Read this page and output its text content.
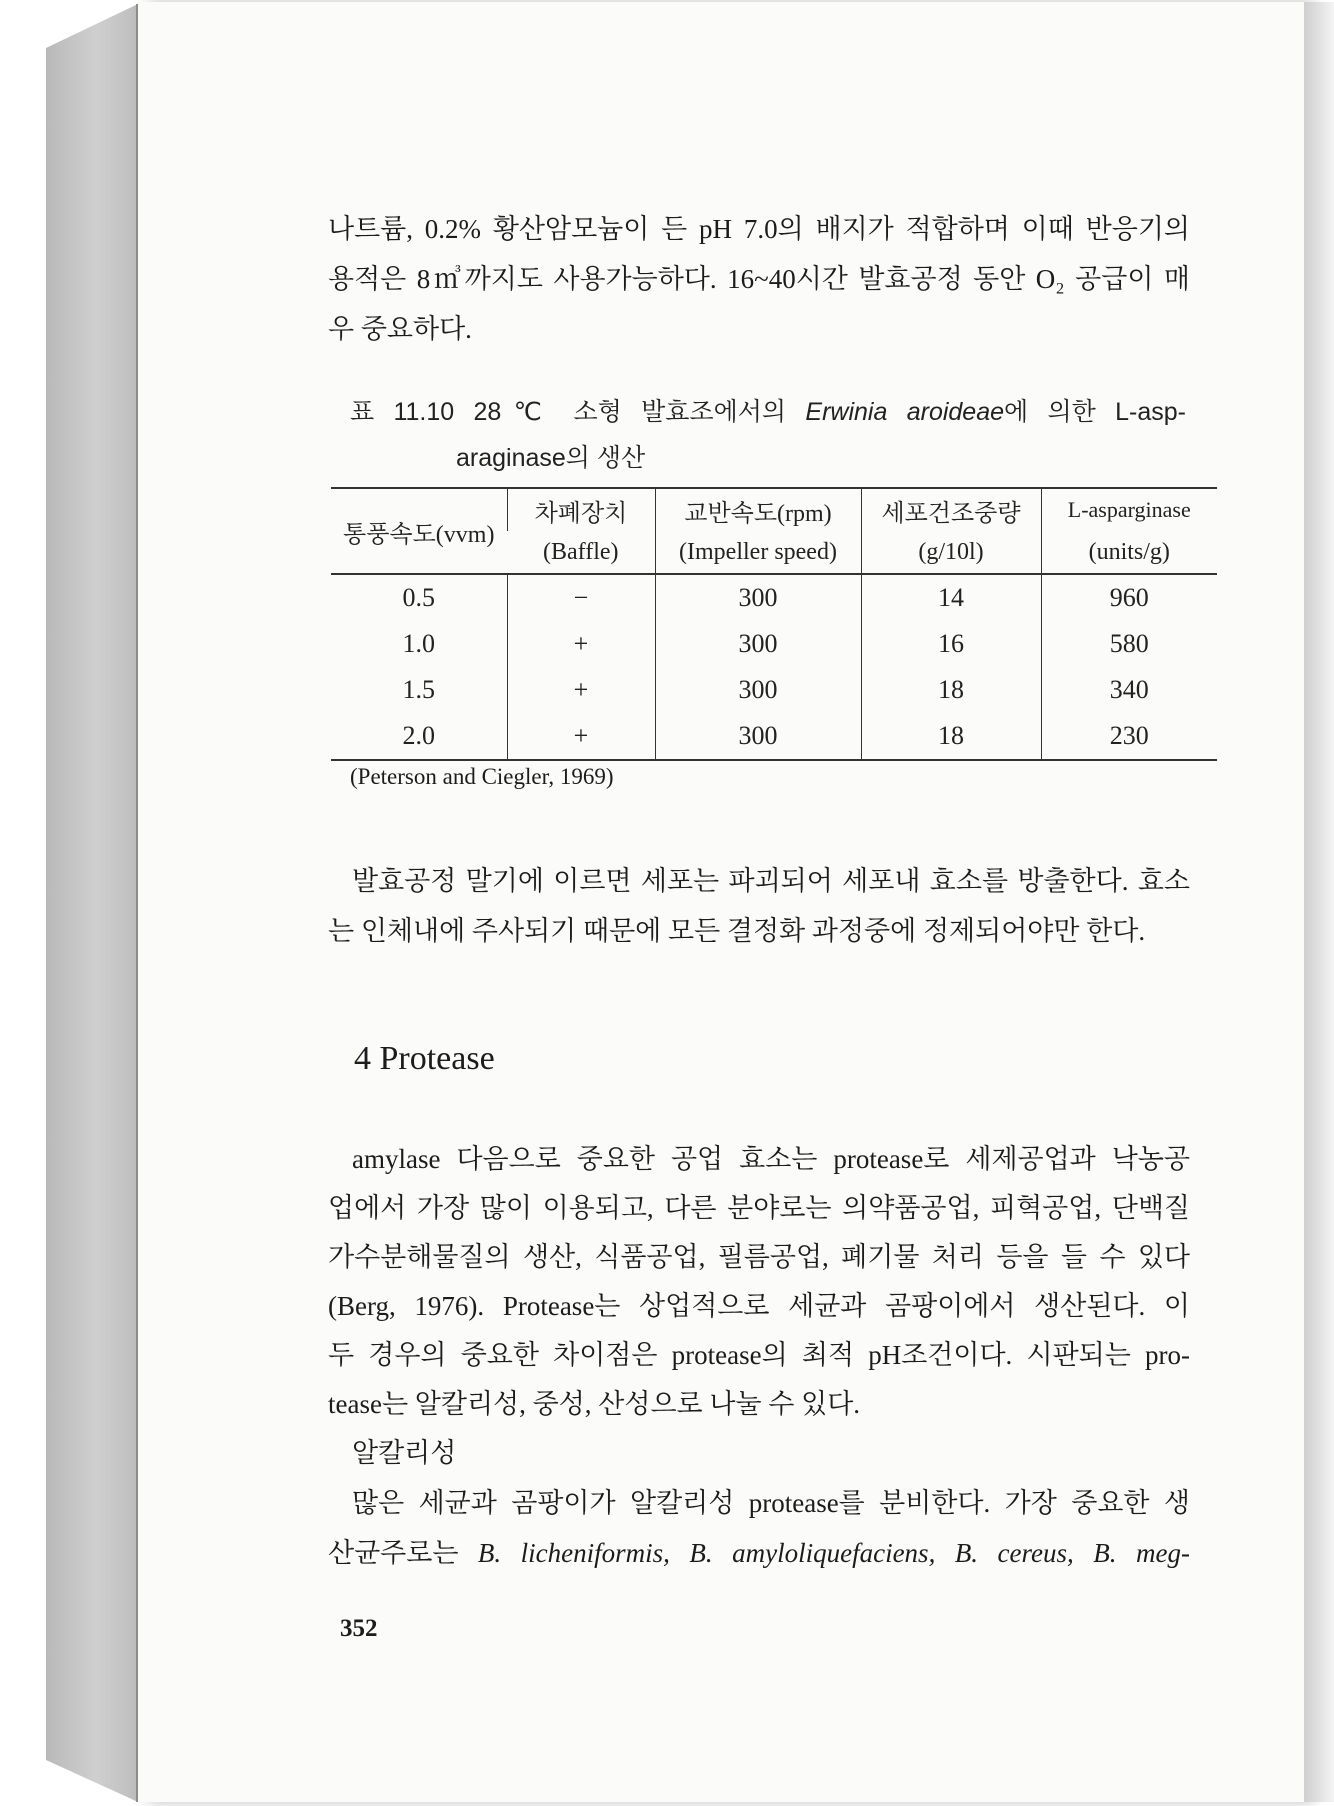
나트륨, 0.2% 황산암모늄이 든 pH 7.0의 배지가 적합하며 이때 반응기의
용적은 8㎥까지도 사용가능하다. 16~40시간 발효공정 동안 O₂ 공급이 매
우 중요하다.
표 11.10 28℃ 소형 발효조에서의 Erwinia aroideae에 의한 L-asp-
araginase의 생산
통풍속도(vvm)	차폐장치	교반속도(rpm)	세포건조중량	L-asparginase
	(Baffle)	(Impeller speed)	(g/10l)	(units/g)
0.5	−	300	14	960
1.0	+	300	16	580
1.5	+	300	18	340
2.0	+	300	18	230
(Peterson and Ciegler, 1969)
발효공정 말기에 이르면 세포는 파괴되어 세포내 효소를 방출한다. 효소
는 인체내에 주사되기 때문에 모든 결정화 과정중에 정제되어야만 한다.
4 Protease
amylase 다음으로 중요한 공업 효소는 protease로 세제공업과 낙농공
업에서 가장 많이 이용되고, 다른 분야로는 의약품공업, 피혁공업, 단백질
가수분해물질의 생산, 식품공업, 필름공업, 폐기물 처리 등을 들 수 있다
(Berg, 1976). Protease는 상업적으로 세균과 곰팡이에서 생산된다. 이
두 경우의 중요한 차이점은 protease의 최적 pH조건이다. 시판되는 pro-
tease는 알칼리성, 중성, 산성으로 나눌 수 있다.
알칼리성
많은 세균과 곰팡이가 알칼리성 protease를 분비한다. 가장 중요한 생
산균주로는 B. licheniformis, B. amyloliquefaciens, B. cereus, B. meg-
352
